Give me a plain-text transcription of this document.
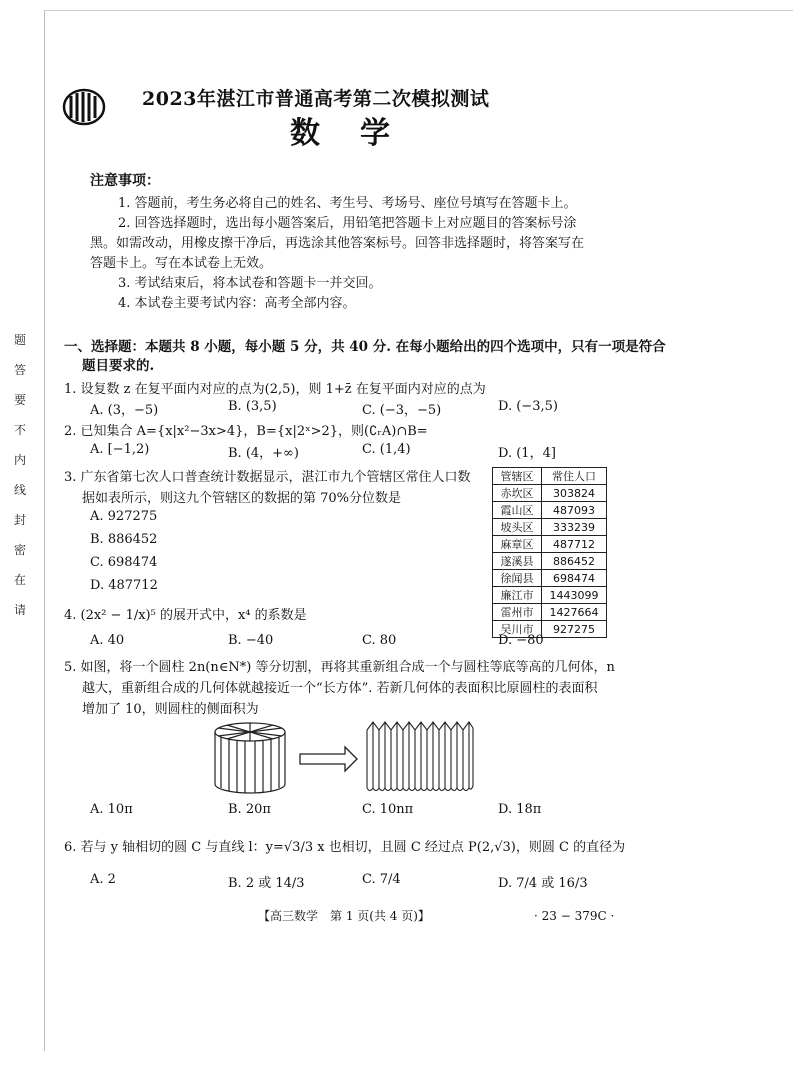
题
答
要
不
内
线
封
密
在
请
2023年湛江市普通高考第二次模拟测试
数学
注意事项：
1. 答题前，考生务必将自己的姓名、考生号、考场号、座位号填写在答题卡上。
2. 回答选择题时，选出每小题答案后，用铅笔把答题卡上对应题目的答案标号涂
黑。如需改动，用橡皮擦干净后，再选涂其他答案标号。回答非选择题时，将答案写在
答题卡上。写在本试卷上无效。
3. 考试结束后，将本试卷和答题卡一并交回。
4. 本试卷主要考试内容：高考全部内容。
一、选择题：本题共 8 小题，每小题 5 分，共 40 分. 在每小题给出的四个选项中，只有一项是符合
题目要求的.
1. 设复数 z 在复平面内对应的点为(2,5)，则 1+z̄ 在复平面内对应的点为
A. (3，−5)	B. (3,5)	C. (−3，−5)	D. (−3,5)
2. 已知集合 A={x|x²−3x>4}，B={x|2ˣ>2}，则(∁ᵣA)∩B=
A. [−1,2)	B. (4，+∞)	C. (1,4)	D. (1，4]
3. 广东省第七次人口普查统计数据显示，湛江市九个管辖区常住人口数
据如表所示，则这九个管辖区的数据的第 70%分位数是
A. 927275
B. 886452
C. 698474
D. 487712
管辖区	常住人口
赤坎区	303824
霞山区	487093
坡头区	333239
麻章区	487712
遂溪县	886452
徐闻县	698474
廉江市	1443099
雷州市	1427664
吴川市	927275
4. (2x² − 1/x)⁵ 的展开式中，x⁴ 的系数是
A. 40	B. −40	C. 80	D. −80
5. 如图，将一个圆柱 2n(n∈N*) 等分切割，再将其重新组合成一个与圆柱等底等高的几何体，n
越大，重新组合成的几何体就越接近一个“长方体”. 若新几何体的表面积比原圆柱的表面积
增加了 10，则圆柱的侧面积为
A. 10π	B. 20π	C. 10nπ	D. 18π
6. 若与 y 轴相切的圆 C 与直线 l：y=√3/3 x 也相切，且圆 C 经过点 P(2,√3)，则圆 C 的直径为
A. 2	B. 2 或 14/3	C. 7/4	D. 7/4 或 16/3
【高三数学　第 1 页(共 4 页)】	· 23 − 379C ·
